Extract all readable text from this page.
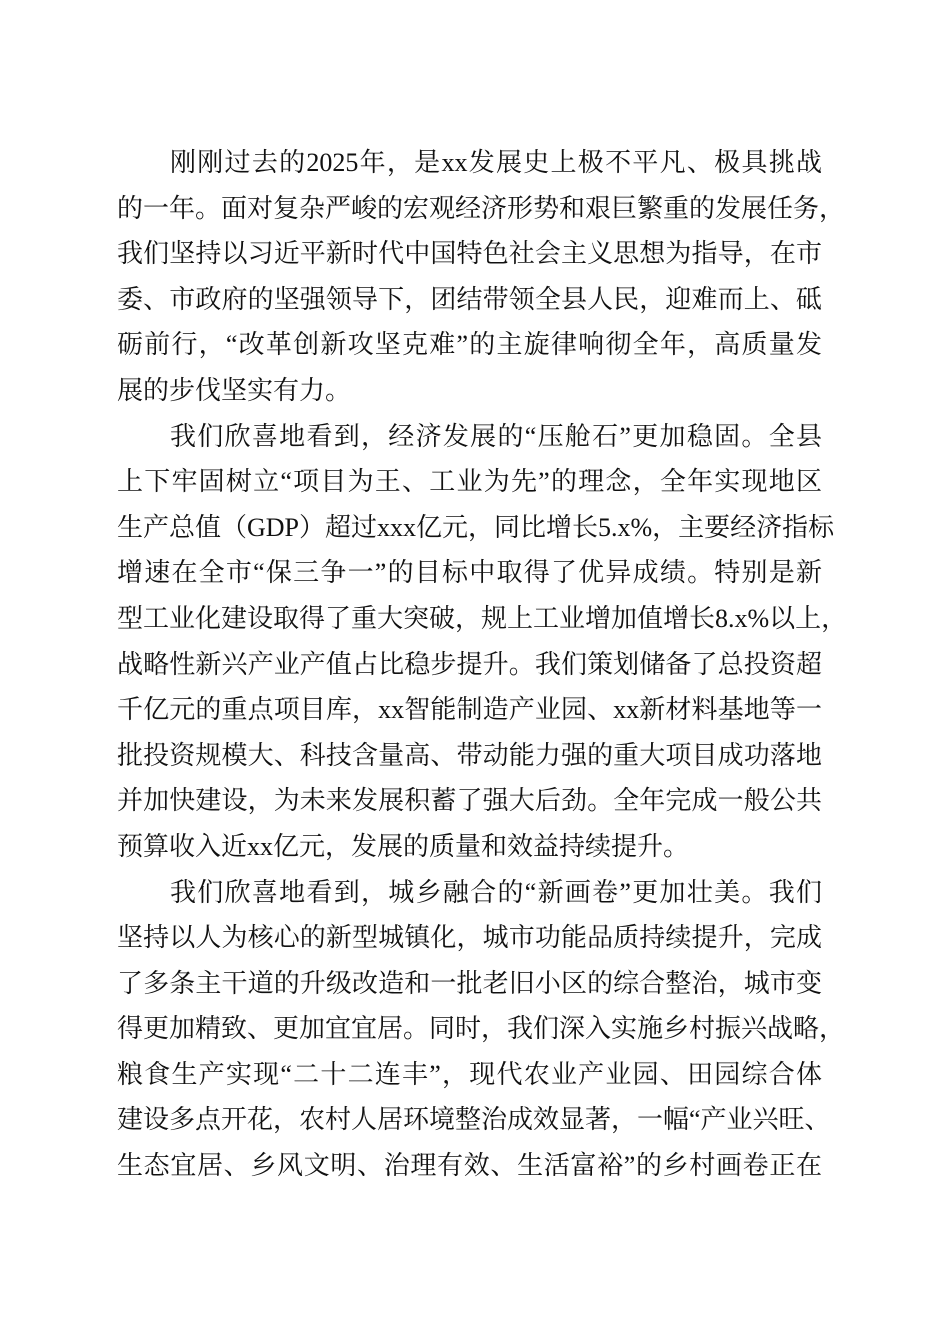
刚刚过去的2025年，是xx发展史上极不平凡、极具挑战
的一年。面对复杂严峻的宏观经济形势和艰巨繁重的发展任务，
我们坚持以习近平新时代中国特色社会主义思想为指导，在市
委、市政府的坚强领导下，团结带领全县人民，迎难而上、砥
砺前行，“改革创新攻坚克难”的主旋律响彻全年，高质量发
展的步伐坚实有力。
我们欣喜地看到，经济发展的“压舱石”更加稳固。全县
上下牢固树立“项目为王、工业为先”的理念，全年实现地区
生产总值（GDP）超过xxx亿元，同比增长5.x%，主要经济指标
增速在全市“保三争一”的目标中取得了优异成绩。特别是新
型工业化建设取得了重大突破，规上工业增加值增长8.x%以上，
战略性新兴产业产值占比稳步提升。我们策划储备了总投资超
千亿元的重点项目库，xx智能制造产业园、xx新材料基地等一
批投资规模大、科技含量高、带动能力强的重大项目成功落地
并加快建设，为未来发展积蓄了强大后劲。全年完成一般公共
预算收入近xx亿元，发展的质量和效益持续提升。
我们欣喜地看到，城乡融合的“新画卷”更加壮美。我们
坚持以人为核心的新型城镇化，城市功能品质持续提升，完成
了多条主干道的升级改造和一批老旧小区的综合整治，城市变
得更加精致、更加宜宜居。同时，我们深入实施乡村振兴战略，
粮食生产实现“二十二连丰”，现代农业产业园、田园综合体
建设多点开花，农村人居环境整治成效显著，一幅“产业兴旺、
生态宜居、乡风文明、治理有效、生活富裕”的乡村画卷正在
